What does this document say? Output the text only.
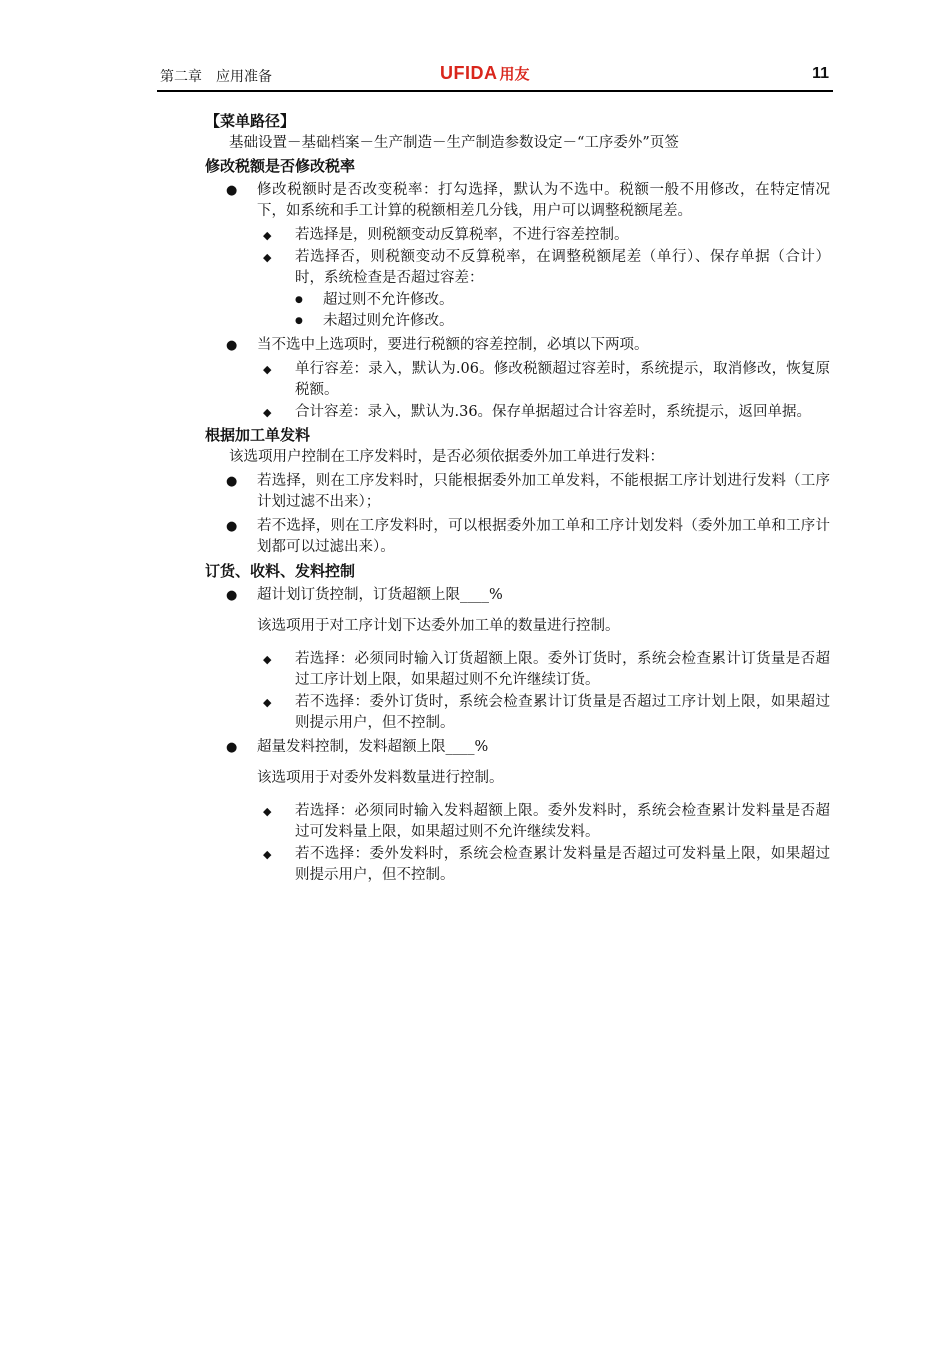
第二章 应用准备	UFIDA 用友	11
【菜单路径】
基础设置－基础档案－生产制造－生产制造参数设定－“工序委外”页签
修改税额是否修改税率
● 修改税额时是否改变税率：打勾选择，默认为不选中。税额一般不用修改，在特定情况下，如系统和手工计算的税额相差几分钱，用户可以调整税额尾差。
◆ 若选择是，则税额变动反算税率，不进行容差控制。
◆ 若选择否，则税额变动不反算税率，在调整税额尾差（单行）、保存单据（合计）时，系统检查是否超过容差：
● 超过则不允许修改。
● 未超过则允许修改。
● 当不选中上选项时，要进行税额的容差控制，必填以下两项。
◆ 单行容差：录入，默认为.06。修改税额超过容差时，系统提示，取消修改，恢复原税额。
◆ 合计容差：录入，默认为.36。保存单据超过合计容差时，系统提示，返回单据。
根据加工单发料
该选项用户控制在工序发料时，是否必须依据委外加工单进行发料：
● 若选择，则在工序发料时，只能根据委外加工单发料，不能根据工序计划进行发料（工序计划过滤不出来）；
● 若不选择，则在工序发料时，可以根据委外加工单和工序计划发料（委外加工单和工序计划都可以过滤出来）。
订货、收料、发料控制
● 超计划订货控制，订货超额上限____%
该选项用于对工序计划下达委外加工单的数量进行控制。
◆ 若选择：必须同时输入订货超额上限。委外订货时，系统会检查累计订货量是否超过工序计划上限，如果超过则不允许继续订货。
◆ 若不选择：委外订货时，系统会检查累计订货量是否超过工序计划上限，如果超过则提示用户，但不控制。
● 超量发料控制，发料超额上限____%
该选项用于对委外发料数量进行控制。
◆ 若选择：必须同时输入发料超额上限。委外发料时，系统会检查累计发料量是否超过可发料量上限，如果超过则不允许继续发料。
◆ 若不选择：委外发料时，系统会检查累计发料量是否超过可发料量上限，如果超过则提示用户，但不控制。
